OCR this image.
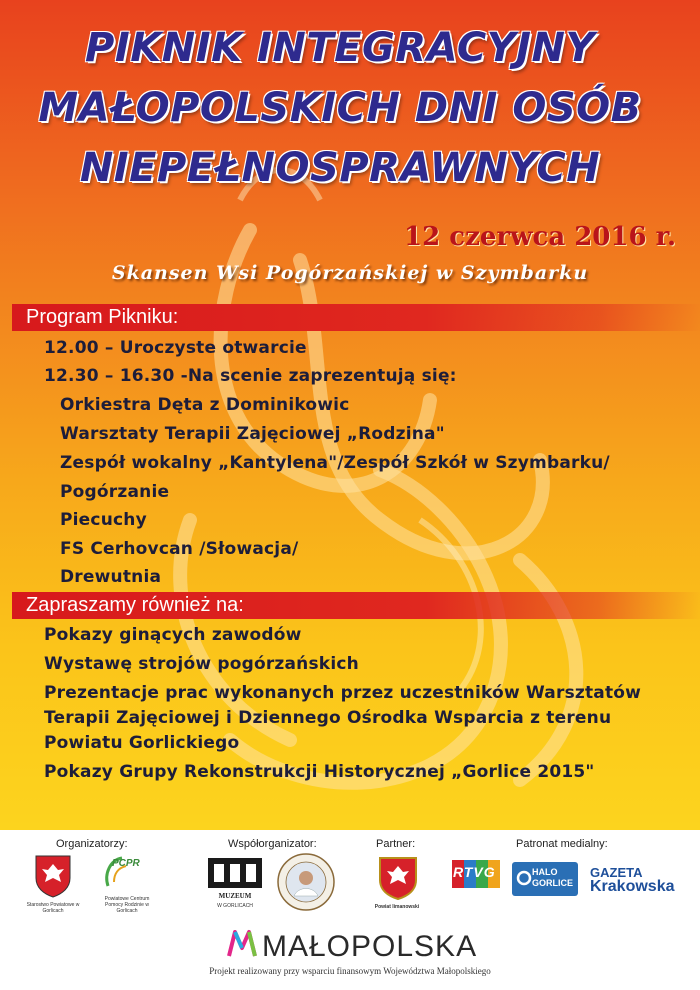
PIKNIK INTEGRACYJNY
MAŁOPOLSKICH DNI OSÓB
NIEPEŁNOSPRAWNYCH
12 czerwca 2016 r.
Skansen Wsi Pogórzańskiej w Szymbarku
Program Pikniku:
12.00 – Uroczyste otwarcie
12.30 – 16.30 -Na scenie zaprezentują się:
Orkiestra Dęta z Dominikowic
Warsztaty Terapii Zajęciowej „Rodzina"
Zespół wokalny „Kantylena"/Zespół Szkół w Szymbarku/
Pogórzanie
Piecuchy
FS Cerhovcan /Słowacja/
Drewutnia
Zapraszamy również na:
Pokazy ginących zawodów
Wystawę strojów pogórzańskich
Prezentacje prac wykonanych przez uczestników Warsztatów
Terapii Zajęciowej i Dziennego Ośrodka Wsparcia z terenu
Powiatu Gorlickiego
Pokazy Grupy Rekonstrukcji Historycznej „Gorlice 2015"
Organizatorzy:	Współorganizator:	Partner:	Patronat medialny:
Starostwo Powiatowe w Gorlicach
PCPR
Powiatowe Centrum Pomocy Rodzinie w Gorlicach
MUZEUM
W GORLICACH	Powiat limanowski
RTVG	HALO GORLICE
GAZETA
Krakowska
MAŁOPOLSKA
Projekt realizowany przy wsparciu finansowym Województwa Małopolskiego
